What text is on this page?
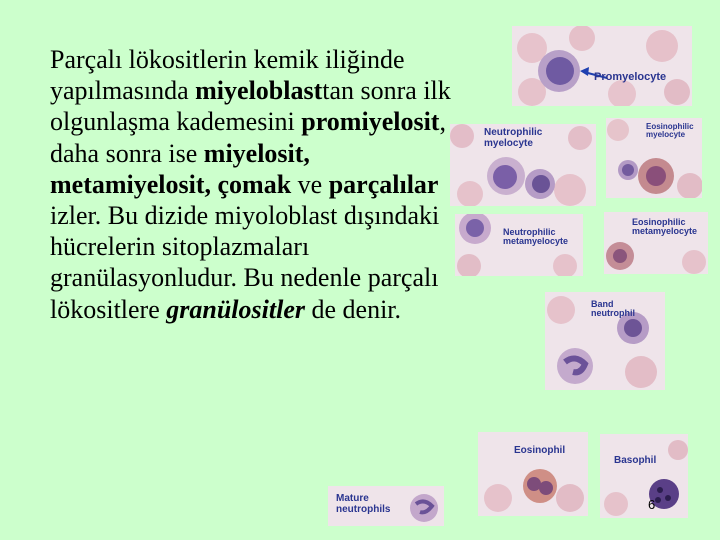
Parçalı lökositlerin kemik iliğinde yapılmasında miyeloblasttan sonra ilk olgunlaşma kademesini promiyelosit, daha sonra ise miyelosit, metamiyelosit, çomak ve parçalılar izler. Bu dizide miyoloblast dışındaki hücrelerin sitoplazmaları granülasyonludur. Bu nedenle parçalı lökositlere granülositler de denir.

Promyelocyte
Neutrophilic
myelocyte
Eosinophilic
myelocyte
Neutrophilic
metamyelocyte
Eosinophilic
metamyelocyte
Band
neutrophil
Eosinophil
Basophil
Mature
neutrophils	6
